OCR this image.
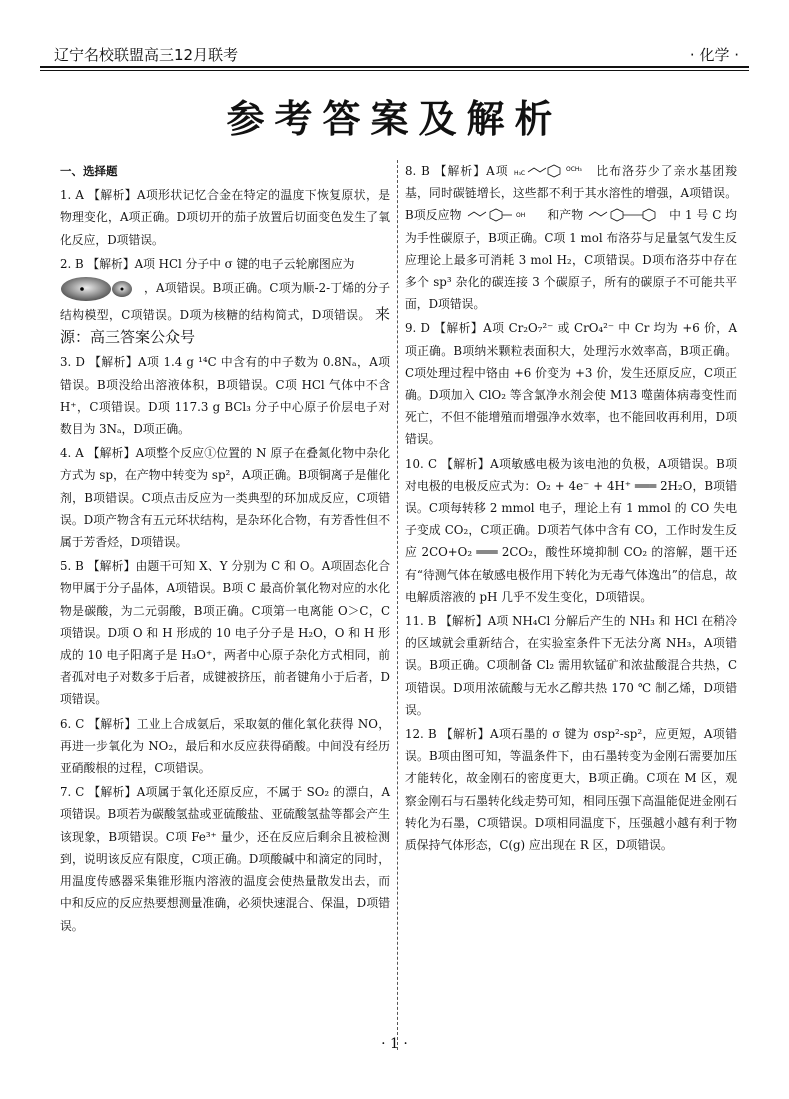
辽宁名校联盟高三12月联考	· 化学 ·
参考答案及解析
一、选择题

1. A 【解析】A项形状记忆合金在特定的温度下恢复原状，是物理变化，A项正确。D项切开的茄子放置后切面变色发生了氧化反应，D项错误。

2. B 【解析】A项 HCl 分子中 σ 键的电子云轮廓图应为
，A项错误。B项正确。C项为顺-2-丁烯的分子结构模型，C项错误。D项为核糖的结构简式，D项错误。 来源：高三答案公众号

3. D 【解析】A项 1.4 g ¹⁴C 中含有的中子数为 0.8Nₐ，A项错误。B项没给出溶液体积，B项错误。C项 HCl 气体中不含 H⁺，C项错误。D项 117.3 g BCl₃ 分子中心原子价层电子对数目为 3Nₐ，D项正确。

4. A 【解析】A项整个反应①位置的 N 原子在叠氮化物中杂化方式为 sp，在产物中转变为 sp²，A项正确。B项铜离子是催化剂，B项错误。C项点击反应为一类典型的环加成反应，C项错误。D项产物含有五元环状结构，是杂环化合物，有芳香性但不属于芳香烃，D项错误。

5. B 【解析】由题干可知 X、Y 分别为 C 和 O。A项固态化合物甲属于分子晶体，A项错误。B项 C 最高价氧化物对应的水化物是碳酸，为二元弱酸，B项正确。C项第一电离能 O＞C，C项错误。D项 O 和 H 形成的 10 电子分子是 H₂O，O 和 H 形成的 10 电子阳离子是 H₃O⁺，两者中心原子杂化方式相同，前者孤对电子对数多于后者，成键被挤压，前者键角小于后者，D项错误。

6. C 【解析】工业上合成氨后，采取氨的催化氧化获得 NO，再进一步氧化为 NO₂，最后和水反应获得硝酸。中间没有经历亚硝酸根的过程，C项错误。

7. C 【解析】A项属于氧化还原反应，不属于 SO₂ 的漂白，A项错误。B项若为碳酸氢盐或亚硫酸盐、亚硫酸氢盐等都会产生该现象，B项错误。C项 Fe³⁺ 量少，还在反应后剩余且被检测到，说明该反应有限度，C项正确。D项酸碱中和滴定的同时，用温度传感器采集锥形瓶内溶液的温度会使热量散发出去，而中和反应的反应热要想测量准确，必须快速混合、保温，D项错误。

8. B 【解析】A项 H₃C
OCH₃ 比布洛芬少了亲水基团羧基，同时碳链增长，这些都不利于其水溶性的增强，A项错误。B项反应物	OH 和产物	中 1 号 C 均为手性碳原子，B项正确。C项 1 mol 布洛芬与足量氢气发生反应理论上最多可消耗 3 mol H₂，C项错误。D项布洛芬中存在多个 sp³ 杂化的碳连接 3 个碳原子，所有的碳原子不可能共平面，D项错误。

9. D 【解析】A项 Cr₂O₇²⁻ 或 CrO₄²⁻ 中 Cr 均为 +6 价，A项正确。B项纳米颗粒表面积大，处理污水效率高，B项正确。C项处理过程中铬由 +6 价变为 +3 价，发生还原反应，C项正确。D项加入 ClO₂ 等含氯净水剂会使 M13 噬菌体病毒变性而死亡，不但不能增殖而增强净水效率，也不能回收再利用，D项错误。

10. C 【解析】A项敏感电极为该电池的负极，A项错误。B项对电极的电极反应式为：O₂ + 4e⁻ + 4H⁺ ═══ 2H₂O，B项错误。C项每转移 2 mmol 电子，理论上有 1 mmol 的 CO 失电子变成 CO₂，C项正确。D项若气体中含有 CO，工作时发生反应 2CO+O₂ ═══ 2CO₂，酸性环境抑制 CO₂ 的溶解，题干还有“待测气体在敏感电极作用下转化为无毒气体逸出”的信息，故电解质溶液的 pH 几乎不发生变化，D项错误。

11. B 【解析】A项 NH₄Cl 分解后产生的 NH₃ 和 HCl 在稍冷的区域就会重新结合，在实验室条件下无法分离 NH₃，A项错误。B项正确。C项制备 Cl₂ 需用软锰矿和浓盐酸混合共热，C项错误。D项用浓硫酸与无水乙醇共热 170 ℃ 制乙烯，D项错误。

12. B 【解析】A项石墨的 σ 键为 σsp²-sp²，应更短，A项错误。B项由图可知，等温条件下，由石墨转变为金刚石需要加压才能转化，故金刚石的密度更大，B项正确。C项在 M 区，观察金刚石与石墨转化线走势可知，相同压强下高温能促进金刚石转化为石墨，C项错误。D项相同温度下，压强越小越有利于物质保持气体形态，C(g) 应出现在 R 区，D项错误。

· 1 ·
